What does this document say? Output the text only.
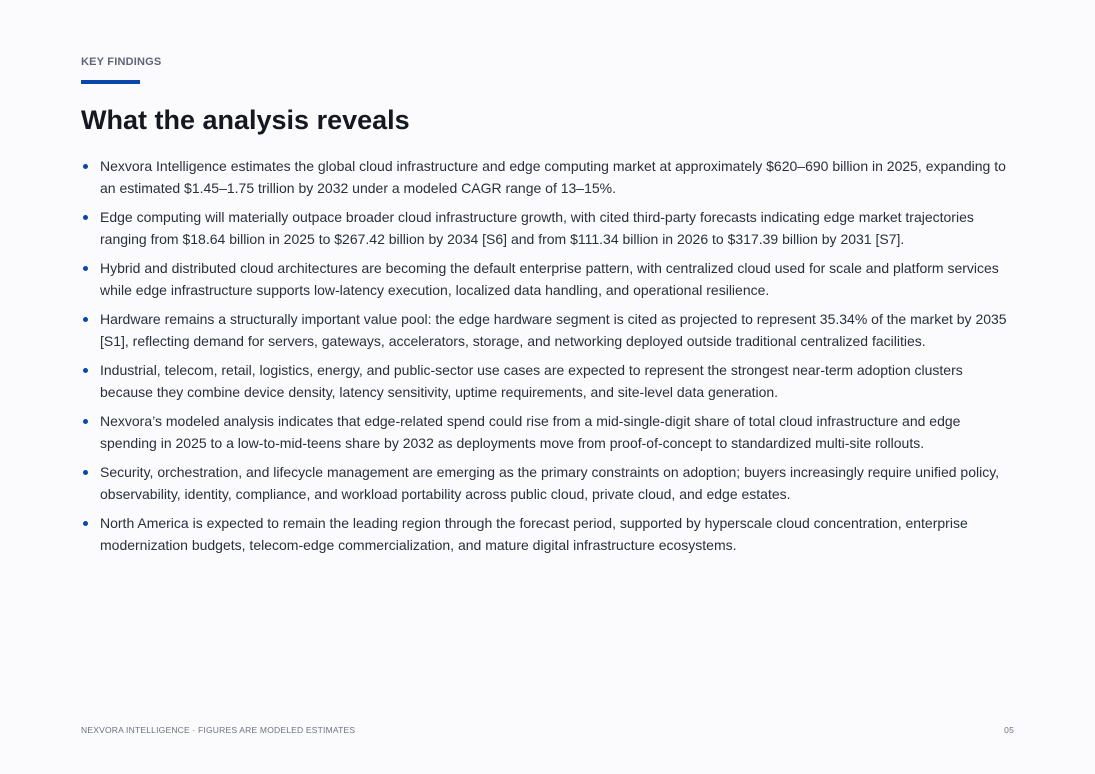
KEY FINDINGS
What the analysis reveals
Nexvora Intelligence estimates the global cloud infrastructure and edge computing market at approximately $620–690 billion in 2025, expanding to an estimated $1.45–1.75 trillion by 2032 under a modeled CAGR range of 13–15%.
Edge computing will materially outpace broader cloud infrastructure growth, with cited third-party forecasts indicating edge market trajectories ranging from $18.64 billion in 2025 to $267.42 billion by 2034 [S6] and from $111.34 billion in 2026 to $317.39 billion by 2031 [S7].
Hybrid and distributed cloud architectures are becoming the default enterprise pattern, with centralized cloud used for scale and platform services while edge infrastructure supports low-latency execution, localized data handling, and operational resilience.
Hardware remains a structurally important value pool: the edge hardware segment is cited as projected to represent 35.34% of the market by 2035 [S1], reflecting demand for servers, gateways, accelerators, storage, and networking deployed outside traditional centralized facilities.
Industrial, telecom, retail, logistics, energy, and public-sector use cases are expected to represent the strongest near-term adoption clusters because they combine device density, latency sensitivity, uptime requirements, and site-level data generation.
Nexvora’s modeled analysis indicates that edge-related spend could rise from a mid-single-digit share of total cloud infrastructure and edge spending in 2025 to a low-to-mid-teens share by 2032 as deployments move from proof-of-concept to standardized multi-site rollouts.
Security, orchestration, and lifecycle management are emerging as the primary constraints on adoption; buyers increasingly require unified policy, observability, identity, compliance, and workload portability across public cloud, private cloud, and edge estates.
North America is expected to remain the leading region through the forecast period, supported by hyperscale cloud concentration, enterprise modernization budgets, telecom-edge commercialization, and mature digital infrastructure ecosystems.
NEXVORA INTELLIGENCE · FIGURES ARE MODELED ESTIMATES	05
